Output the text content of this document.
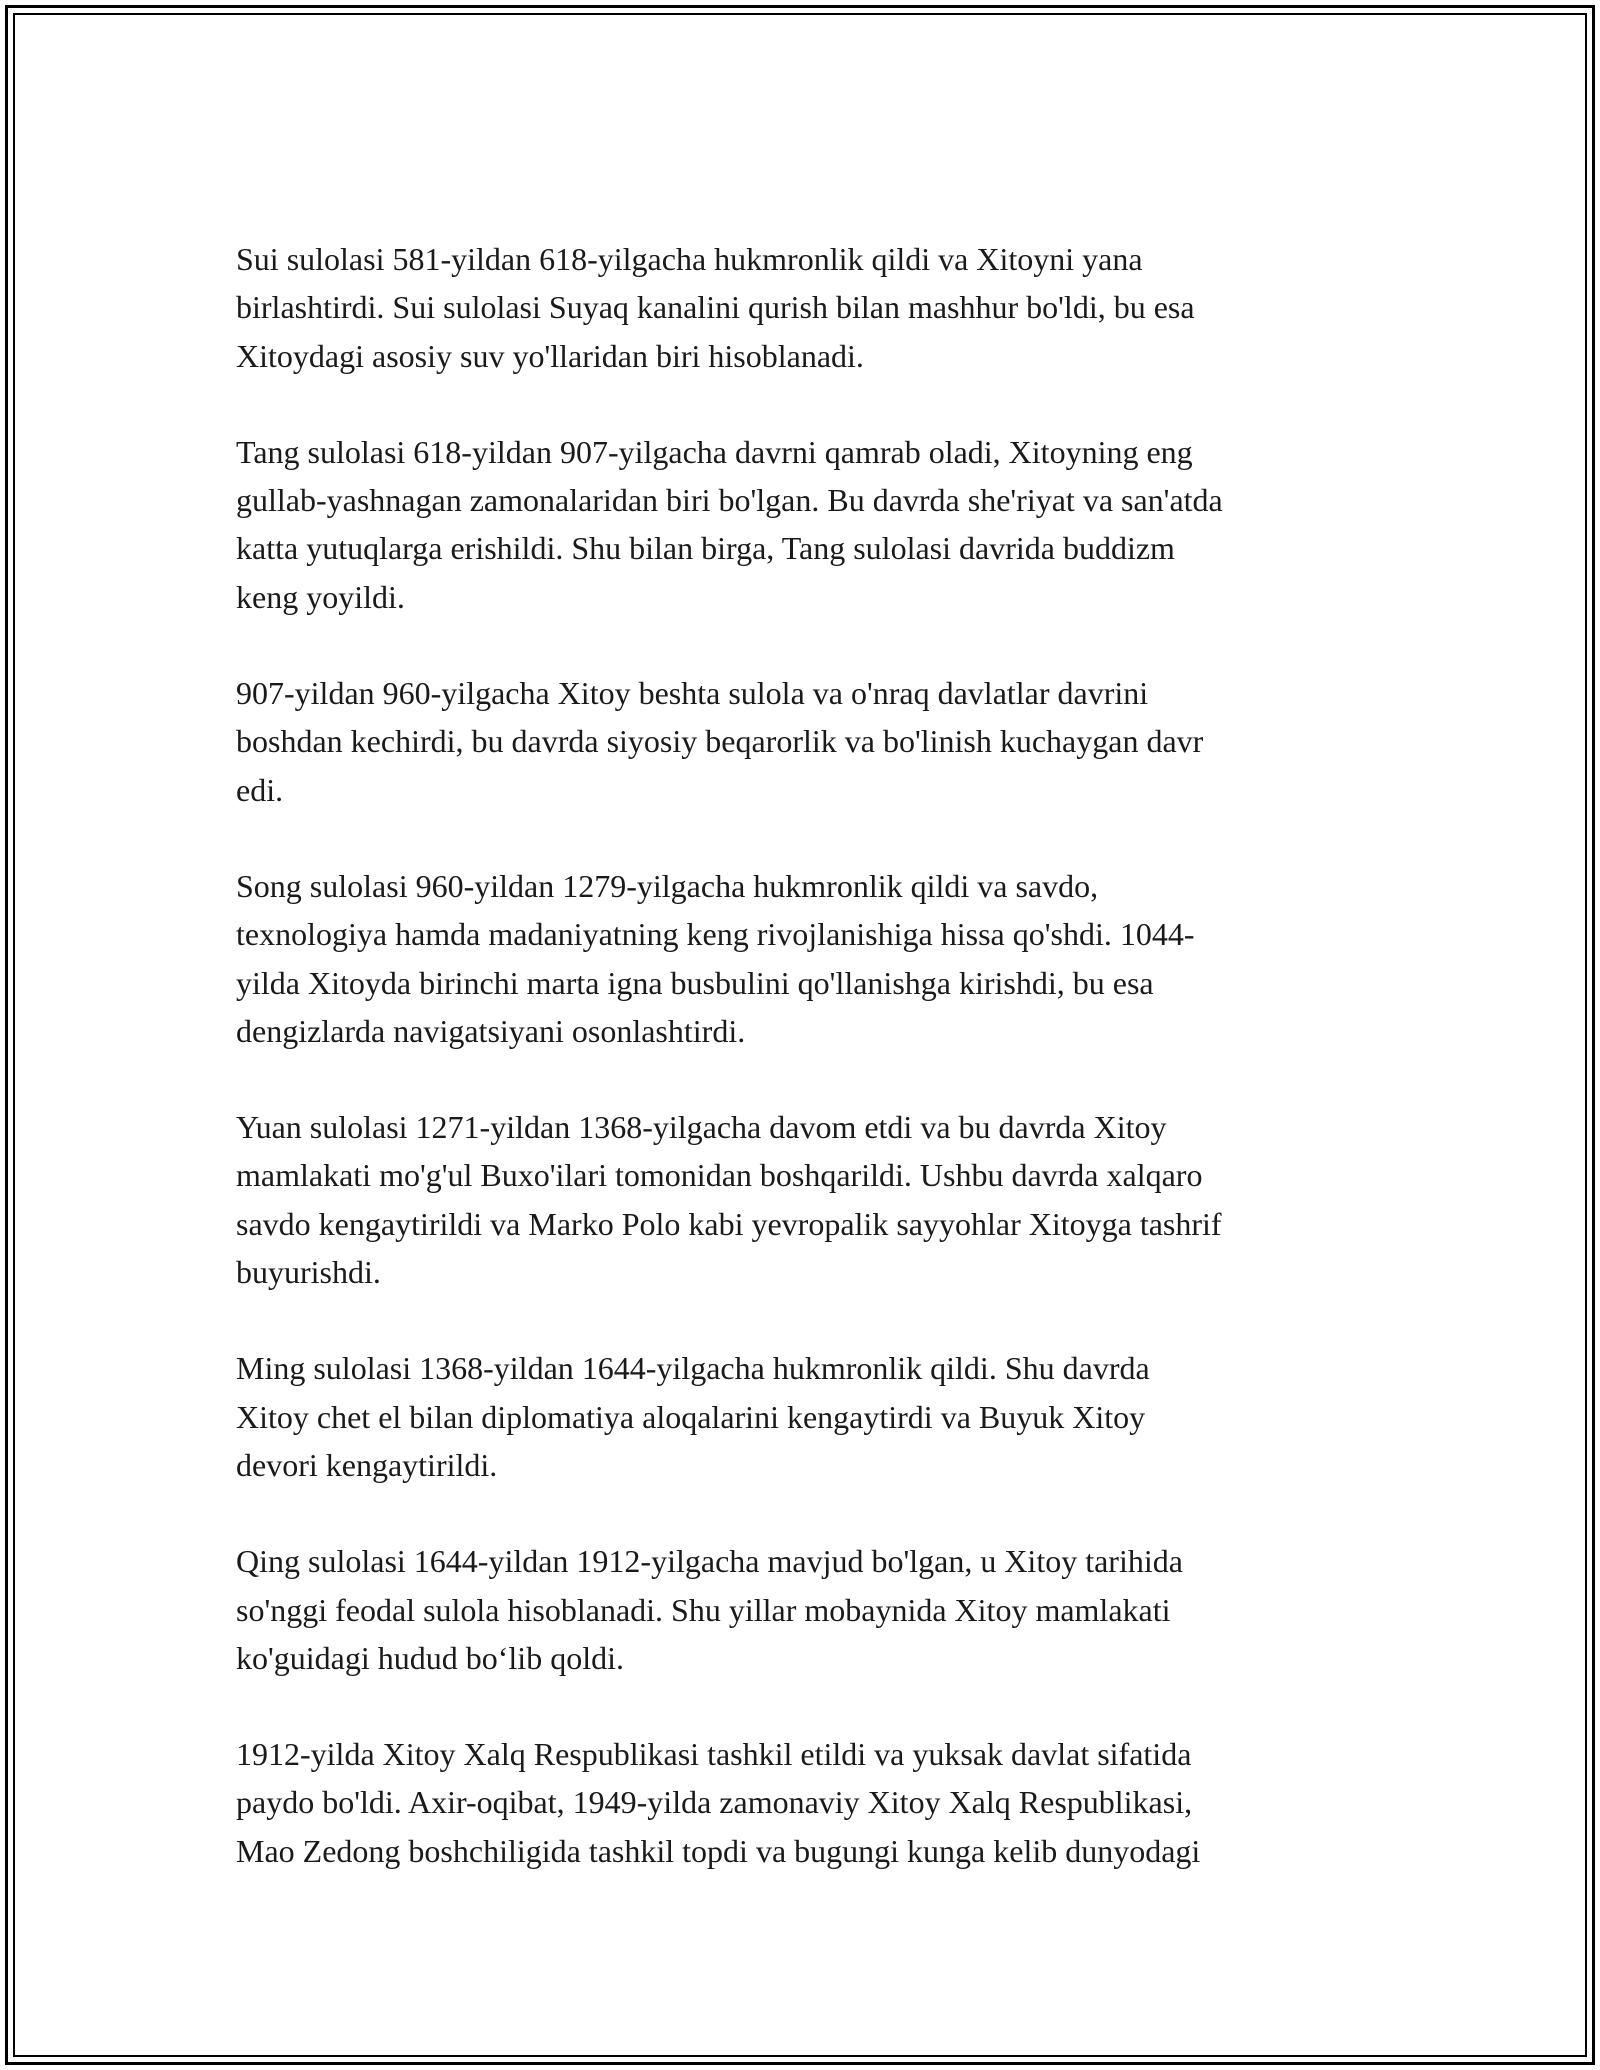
Sui sulolasi 581-yildan 618-yilgacha hukmronlik qildi va Xitoyni yana
birlashtirdi. Sui sulolasi Suyaq kanalini qurish bilan mashhur bo'ldi, bu esa
Xitoydagi asosiy suv yo'llaridan biri hisoblanadi.

Tang sulolasi 618-yildan 907-yilgacha davrni qamrab oladi, Xitoyning eng
gullab-yashnagan zamonalaridan biri bo'lgan. Bu davrda she'riyat va san'atda
katta yutuqlarga erishildi. Shu bilan birga, Tang sulolasi davrida buddizm
keng yoyildi.

907-yildan 960-yilgacha Xitoy beshta sulola va o'nraq davlatlar davrini
boshdan kechirdi, bu davrda siyosiy beqarorlik va bo'linish kuchaygan davr
edi.

Song sulolasi 960-yildan 1279-yilgacha hukmronlik qildi va savdo,
texnologiya hamda madaniyatning keng rivojlanishiga hissa qo'shdi. 1044-
yilda Xitoyda birinchi marta igna busbulini qo'llanishga kirishdi, bu esa
dengizlarda navigatsiyani osonlashtirdi.

Yuan sulolasi 1271-yildan 1368-yilgacha davom etdi va bu davrda Xitoy
mamlakati mo'g'ul Buxo'ilari tomonidan boshqarildi. Ushbu davrda xalqaro
savdo kengaytirildi va Marko Polo kabi yevropalik sayyohlar Xitoyga tashrif
buyurishdi.

Ming sulolasi 1368-yildan 1644-yilgacha hukmronlik qildi. Shu davrda
Xitoy chet el bilan diplomatiya aloqalarini kengaytirdi va Buyuk Xitoy
devori kengaytirildi.

Qing sulolasi 1644-yildan 1912-yilgacha mavjud bo'lgan, u Xitoy tarihida
so'nggi feodal sulola hisoblanadi. Shu yillar mobaynida Xitoy mamlakati
ko'guidagi hudud bo‘lib qoldi.

1912-yilda Xitoy Xalq Respublikasi tashkil etildi va yuksak davlat sifatida
paydo bo'ldi. Axir-oqibat, 1949-yilda zamonaviy Xitoy Xalq Respublikasi,
Mao Zedong boshchiligida tashkil topdi va bugungi kunga kelib dunyodagi
